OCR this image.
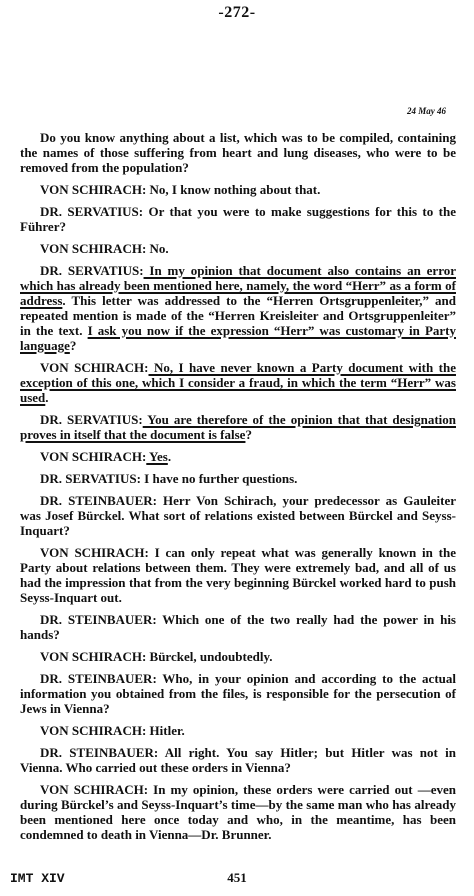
-272-
24 May 46

Do you know anything about a list, which was to be compiled, containing the names of those suffering from heart and lung diseases, who were to be removed from the population?

VON SCHIRACH: No, I know nothing about that.

DR. SERVATIUS: Or that you were to make suggestions for this to the Führer?

VON SCHIRACH: No.

DR. SERVATIUS: In my opinion that document also contains an error which has already been mentioned here, namely, the word “Herr” as a form of address. This letter was addressed to the “Herren Ortsgruppenleiter,” and repeated mention is made of the “Herren Kreisleiter and Ortsgruppenleiter” in the text. I ask you now if the expression “Herr” was customary in Party language?

VON SCHIRACH: No, I have never known a Party document with the exception of this one, which I consider a fraud, in which the term “Herr” was used.

DR. SERVATIUS: You are therefore of the opinion that that designation proves in itself that the document is false?

VON SCHIRACH: Yes.

DR. SERVATIUS: I have no further questions.

DR. STEINBAUER: Herr Von Schirach, your predecessor as Gauleiter was Josef Bürckel. What sort of relations existed between Bürckel and Seyss-Inquart?

VON SCHIRACH: I can only repeat what was generally known in the Party about relations between them. They were extremely bad, and all of us had the impression that from the very beginning Bürckel worked hard to push Seyss-Inquart out.

DR. STEINBAUER: Which one of the two really had the power in his hands?

VON SCHIRACH: Bürckel, undoubtedly.

DR. STEINBAUER: Who, in your opinion and according to the actual information you obtained from the files, is responsible for the persecution of Jews in Vienna?

VON SCHIRACH: Hitler.

DR. STEINBAUER: All right. You say Hitler; but Hitler was not in Vienna. Who carried out these orders in Vienna?

VON SCHIRACH: In my opinion, these orders were carried out —even during Bürckel’s and Seyss-Inquart’s time—by the same man who has already been mentioned here once today and who, in the meantime, has been condemned to death in Vienna—Dr. Brunner.

IMT XIV	451
